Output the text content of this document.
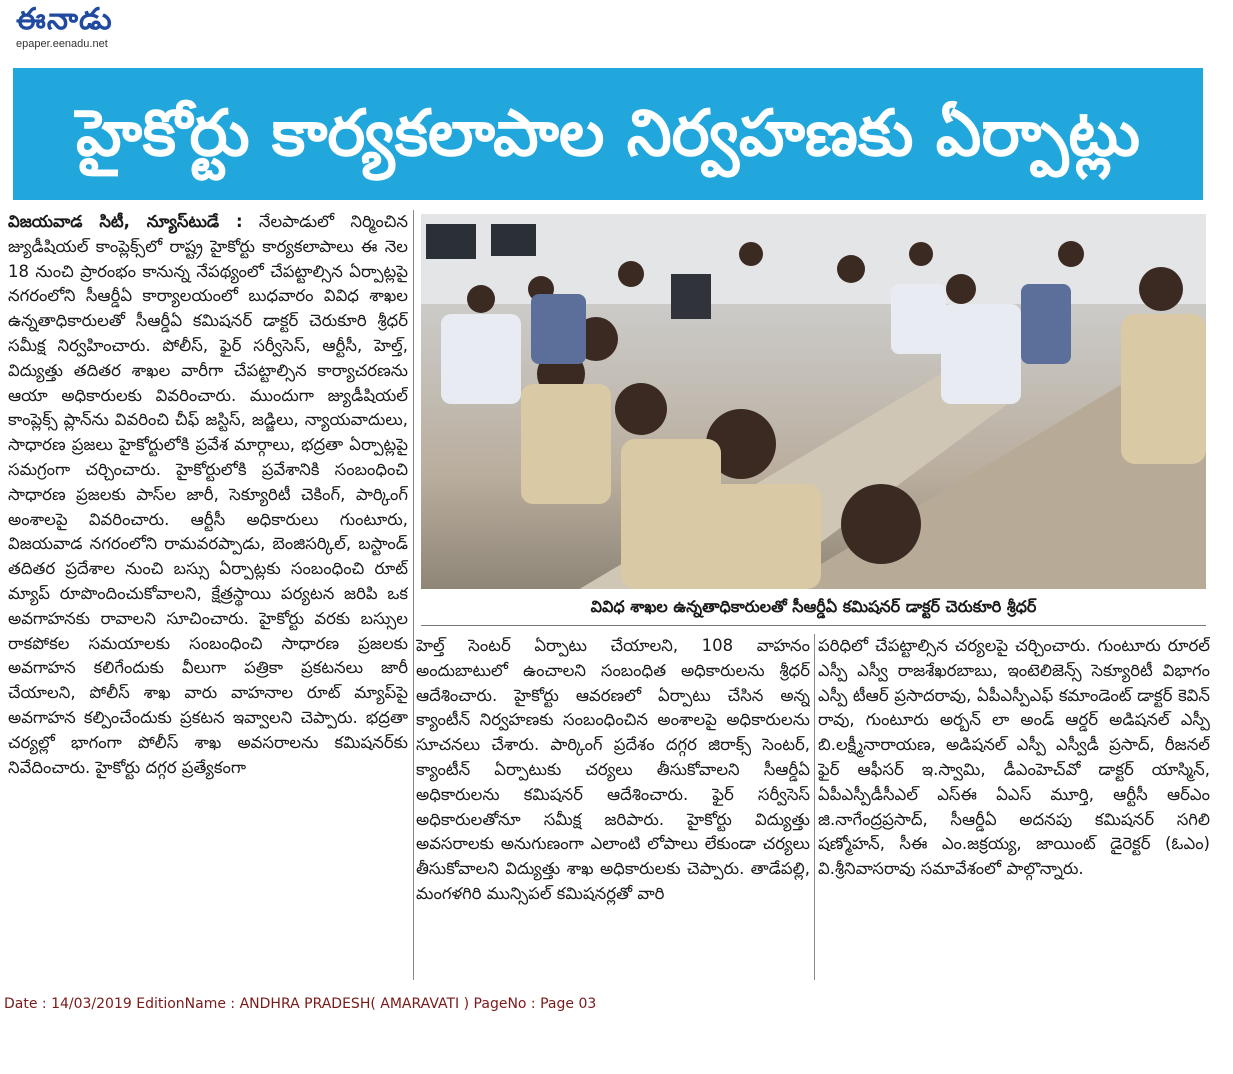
ఈనాడు
epaper.eenadu.net
హైకోర్టు కార్యకలాపాల నిర్వహణకు ఏర్పాట్లు

విజయవాడ సిటీ, న్యూస్‌టుడే : నేలపాడులో నిర్మించిన జ్యుడీషియల్ కాంప్లెక్స్‌లో రాష్ట్ర హైకోర్టు కార్యకలాపాలు ఈ నెల 18 నుంచి ప్రారంభం కానున్న నేపథ్యంలో చేపట్టాల్సిన ఏర్పాట్లపై నగరంలోని సీఆర్డీఏ కార్యాలయంలో బుధవారం వివిధ శాఖల ఉన్నతాధికారులతో సీఆర్డీఏ కమిషనర్ డాక్టర్ చెరుకూరి శ్రీధర్ సమీక్ష నిర్వహించారు. పోలీస్, ఫైర్ సర్వీసెస్, ఆర్టీసీ, హెల్త్, విద్యుత్తు తదితర శాఖల వారీగా చేపట్టాల్సిన కార్యాచరణను ఆయా అధికారులకు వివరించారు. ముందుగా జ్యుడీషియల్ కాంప్లెక్స్ ప్లాన్‌ను వివరించి చీఫ్ జస్టిస్, జడ్జిలు, న్యాయవాదులు, సాధారణ ప్రజలు హైకోర్టులోకి ప్రవేశ మార్గాలు, భద్రతా ఏర్పాట్లపై సమగ్రంగా చర్చించారు. హైకోర్టులోకి ప్రవేశానికి సంబంధించి సాధారణ ప్రజలకు పాస్‌ల జారీ, సెక్యూరిటీ చెకింగ్, పార్కింగ్ అంశాలపై వివరించారు. ఆర్టీసీ అధికారులు గుంటూరు, విజయవాడ నగరంలోని రామవరప్పాడు, బెంజిసర్కిల్, బస్టాండ్ తదితర ప్రదేశాల నుంచి బస్సు ఏర్పాట్లకు సంబంధించి రూట్ మ్యాప్ రూపొందించుకోవాలని, క్షేత్రస్థాయి పర్యటన జరిపి ఒక అవగాహనకు రావాలని సూచించారు. హైకోర్టు వరకు బస్సుల రాకపోకల సమయాలకు సంబంధించి సాధారణ ప్రజలకు అవగాహన కలిగేందుకు వీలుగా పత్రికా ప్రకటనలు జారీ చేయాలని, పోలీస్ శాఖ వారు వాహనాల రూట్ మ్యాప్‌పై అవగాహన కల్పించేందుకు ప్రకటన ఇవ్వాలని చెప్పారు. భద్రతా చర్యల్లో భాగంగా పోలీస్ శాఖ అవసరాలను కమిషనర్‌కు నివేదించారు. హైకోర్టు దగ్గర ప్రత్యేకంగా

వివిధ శాఖల ఉన్నతాధికారులతో సీఆర్డీఏ కమిషనర్ డాక్టర్ చెరుకూరి శ్రీధర్

హెల్త్ సెంటర్ ఏర్పాటు చేయాలని, 108 వాహనం అందుబాటులో ఉంచాలని సంబంధిత అధికారులను శ్రీధర్ ఆదేశించారు. హైకోర్టు ఆవరణలో ఏర్పాటు చేసిన అన్న క్యాంటీన్ నిర్వహణకు సంబంధించిన అంశాలపై అధికారులను సూచనలు చేశారు. పార్కింగ్ ప్రదేశం దగ్గర జిరాక్స్ సెంటర్, క్యాంటీన్ ఏర్పాటుకు చర్యలు తీసుకోవాలని సీఆర్డీఏ అధికారులను కమిషనర్ ఆదేశించారు. ఫైర్ సర్వీసెస్ అధికారులతోనూ సమీక్ష జరిపారు. హైకోర్టు విద్యుత్తు అవసరాలకు అనుగుణంగా ఎలాంటి లోపాలు లేకుండా చర్యలు తీసుకోవాలని విద్యుత్తు శాఖ అధికారులకు చెప్పారు. తాడేపల్లి, మంగళగిరి మున్సిపల్ కమిషనర్లతో వారి

పరిధిలో చేపట్టాల్సిన చర్యలపై చర్చించారు. గుంటూరు రూరల్ ఎస్పీ ఎస్వీ రాజశేఖరబాబు, ఇంటెలిజెన్స్ సెక్యూరిటీ విభాగం ఎస్పీ టీఆర్ ప్రసాదరావు, ఏపీఎస్పీఎఫ్ కమాండెంట్ డాక్టర్ కెవిన్ రావు, గుంటూరు అర్బన్ లా అండ్ ఆర్డర్ అడిషనల్ ఎస్పీ బి.లక్ష్మీనారాయణ, అడిషనల్ ఎస్పీ ఎస్వీడీ ప్రసాద్, రీజనల్ ఫైర్ ఆఫీసర్ ఇ.స్వామి, డీఎంహెచ్‌వో డాక్టర్ యాస్మిన్, ఏపీఎస్పీడీసీఎల్ ఎస్ఈ ఏఎస్ మూర్తి, ఆర్టీసీ ఆర్ఎం జి.నాగేంద్రప్రసాద్, సీఆర్డీఏ అదనపు కమిషనర్ సగిలి షణ్మోహన్, సీఈ ఎం.జక్రయ్య, జాయింట్ డైరెక్టర్ (ఓఎం) వి.శ్రీనివాసరావు సమావేశంలో పాల్గొన్నారు.

Date : 14/03/2019 EditionName : ANDHRA PRADESH( AMARAVATI ) PageNo : Page 03
